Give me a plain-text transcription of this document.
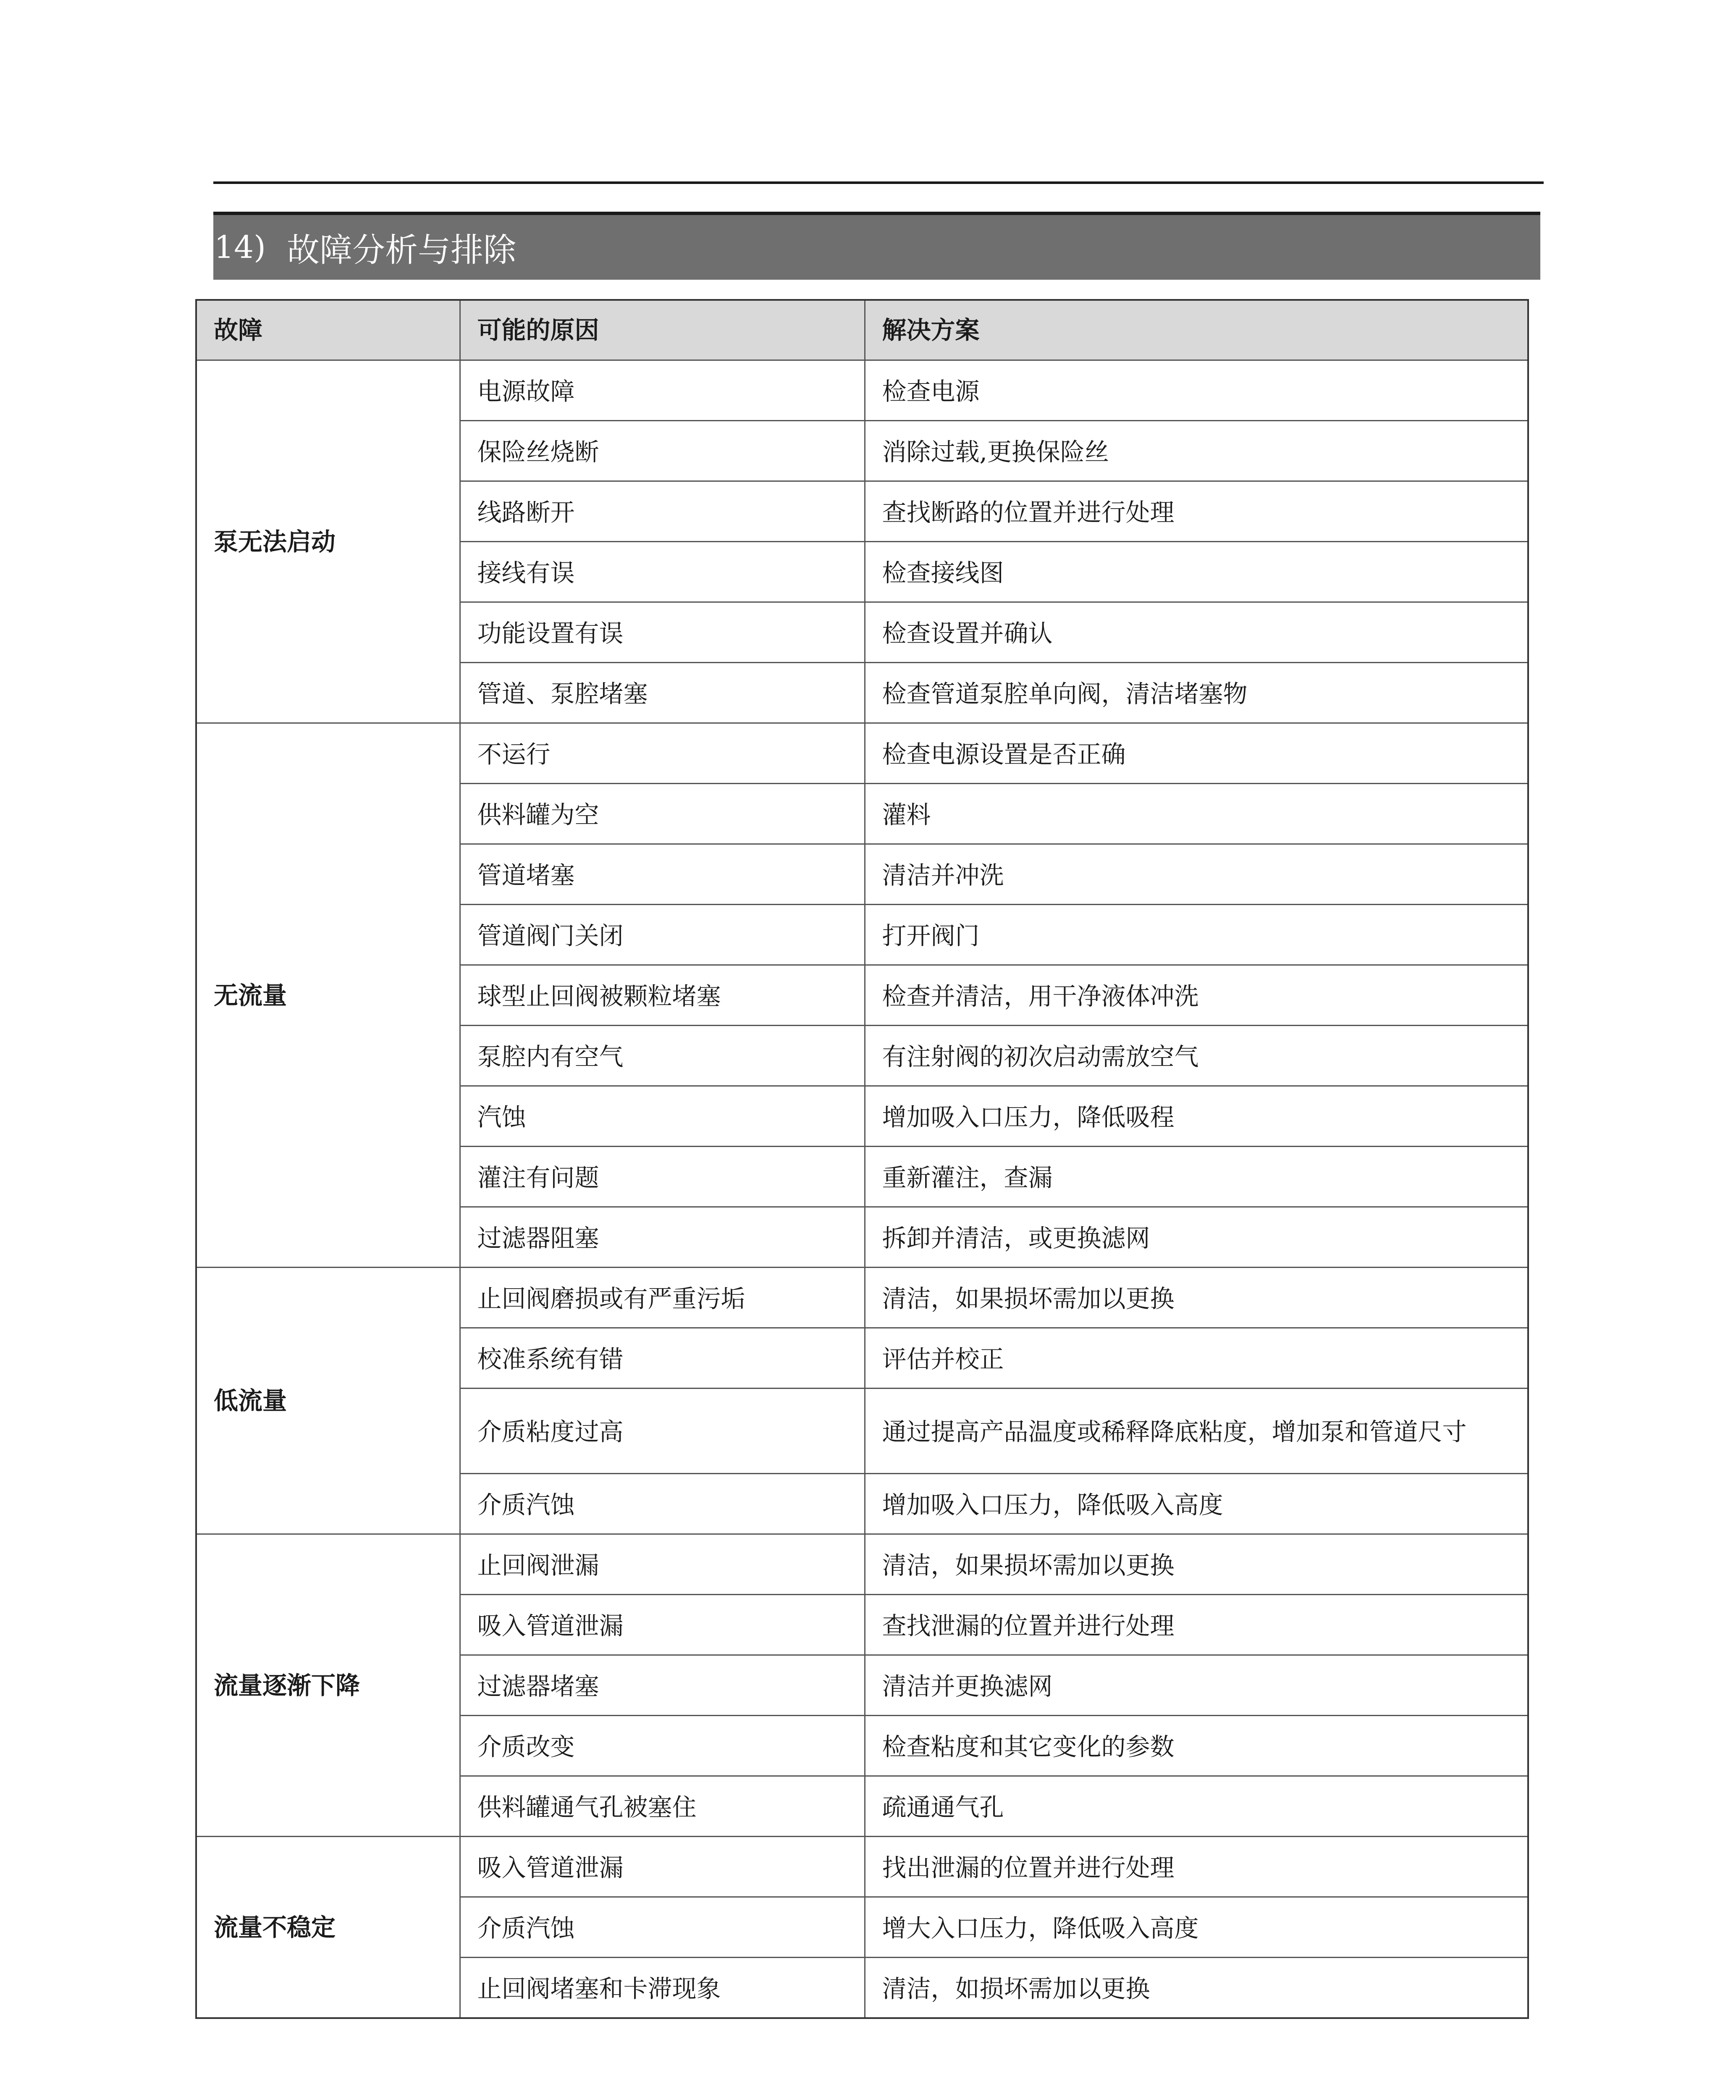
14) 故障分析与排除
故障	可能的原因	解决方案
泵无法启动	电源故障	检查电源
	保险丝烧断	消除过载,更换保险丝
	线路断开	查找断路的位置并进行处理
	接线有误	检查接线图
	功能设置有误	检查设置并确认
	管道、泵腔堵塞	检查管道泵腔单向阀，清洁堵塞物
无流量	不运行	检查电源设置是否正确
	供料罐为空	灌料
	管道堵塞	清洁并冲洗
	管道阀门关闭	打开阀门
	球型止回阀被颗粒堵塞	检查并清洁，用干净液体冲洗
	泵腔内有空气	有注射阀的初次启动需放空气
	汽蚀	增加吸入口压力，降低吸程
	灌注有问题	重新灌注，查漏
	过滤器阻塞	拆卸并清洁，或更换滤网
低流量	止回阀磨损或有严重污垢	清洁，如果损坏需加以更换
	校准系统有错	评估并校正
	介质粘度过高	通过提高产品温度或稀释降底粘度，增加泵和管道尺寸
	介质汽蚀	增加吸入口压力，降低吸入高度
流量逐渐下降	止回阀泄漏	清洁，如果损坏需加以更换
	吸入管道泄漏	查找泄漏的位置并进行处理
	过滤器堵塞	清洁并更换滤网
	介质改变	检查粘度和其它变化的参数
	供料罐通气孔被塞住	疏通通气孔
流量不稳定	吸入管道泄漏	找出泄漏的位置并进行处理
	介质汽蚀	增大入口压力，降低吸入高度
	止回阀堵塞和卡滞现象	清洁，如损坏需加以更换
